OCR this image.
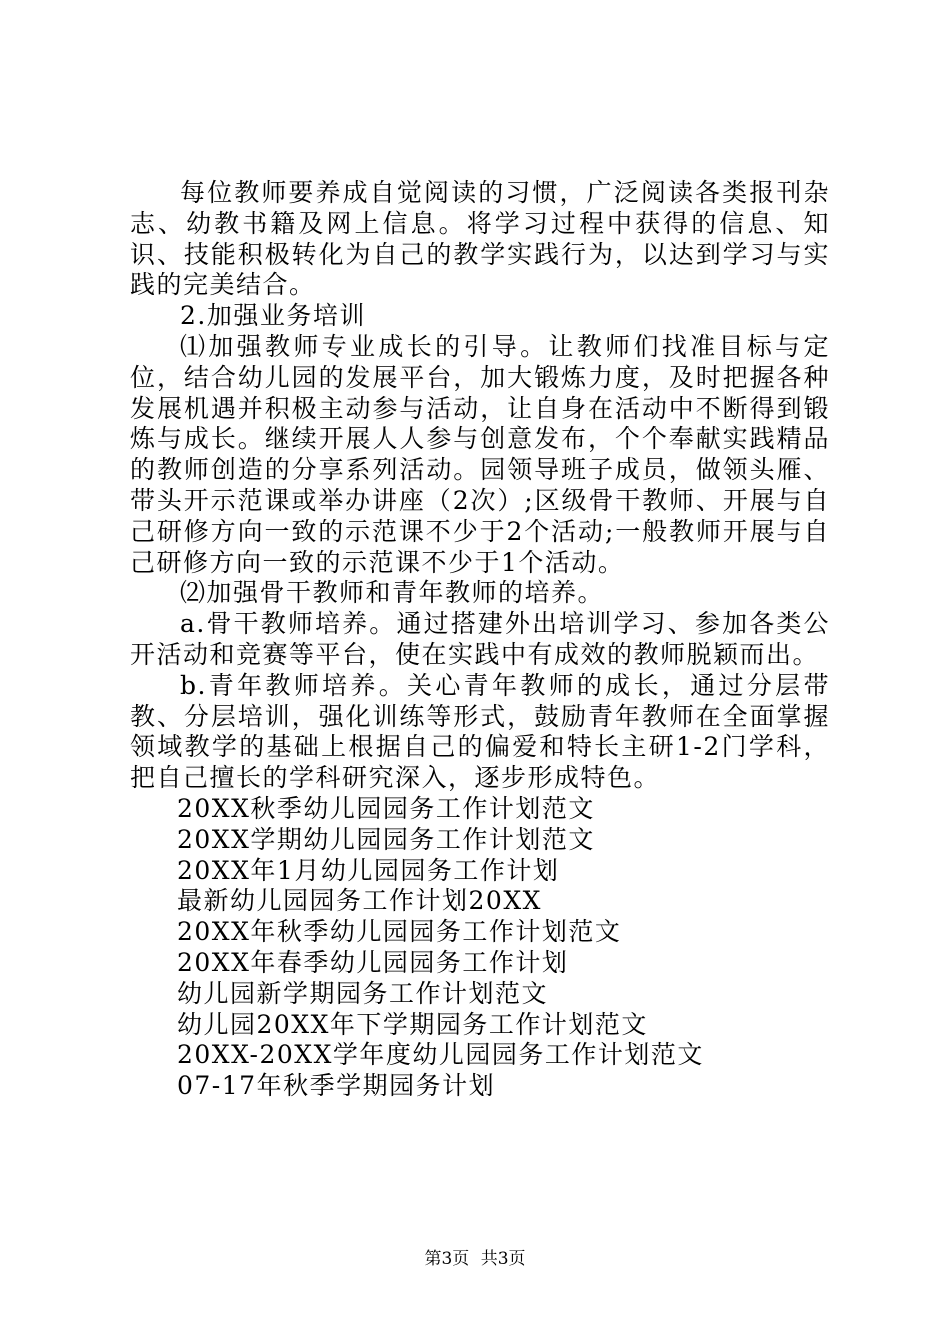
每位教师要养成自觉阅读的习惯，广泛阅读各类报刊杂志、幼教书籍及网上信息。将学习过程中获得的信息、知识、技能积极转化为自己的教学实践行为，以达到学习与实践的完美结合。

2.加强业务培训

⑴加强教师专业成长的引导。让教师们找准目标与定位，结合幼儿园的发展平台，加大锻炼力度，及时把握各种发展机遇并积极主动参与活动，让自身在活动中不断得到锻炼与成长。继续开展人人参与创意发布，个个奉献实践精品的教师创造的分享系列活动。园领导班子成员，做领头雁、带头开示范课或举办讲座（2次）;区级骨干教师、开展与自己研修方向一致的示范课不少于2个活动;一般教师开展与自己研修方向一致的示范课不少于1个活动。

⑵加强骨干教师和青年教师的培养。

a.骨干教师培养。通过搭建外出培训学习、参加各类公开活动和竞赛等平台，使在实践中有成效的教师脱颖而出。

b.青年教师培养。关心青年教师的成长，通过分层带教、分层培训，强化训练等形式，鼓励青年教师在全面掌握领域教学的基础上根据自己的偏爱和特长主研1-2门学科，把自己擅长的学科研究深入，逐步形成特色。

20XX秋季幼儿园园务工作计划范文

20XX学期幼儿园园务工作计划范文

20XX年1月幼儿园园务工作计划

最新幼儿园园务工作计划20XX

20XX年秋季幼儿园园务工作计划范文

20XX年春季幼儿园园务工作计划

幼儿园新学期园务工作计划范文

幼儿园20XX年下学期园务工作计划范文

20XX-20XX学年度幼儿园园务工作计划范文

07-17年秋季学期园务计划

第3页 共3页
